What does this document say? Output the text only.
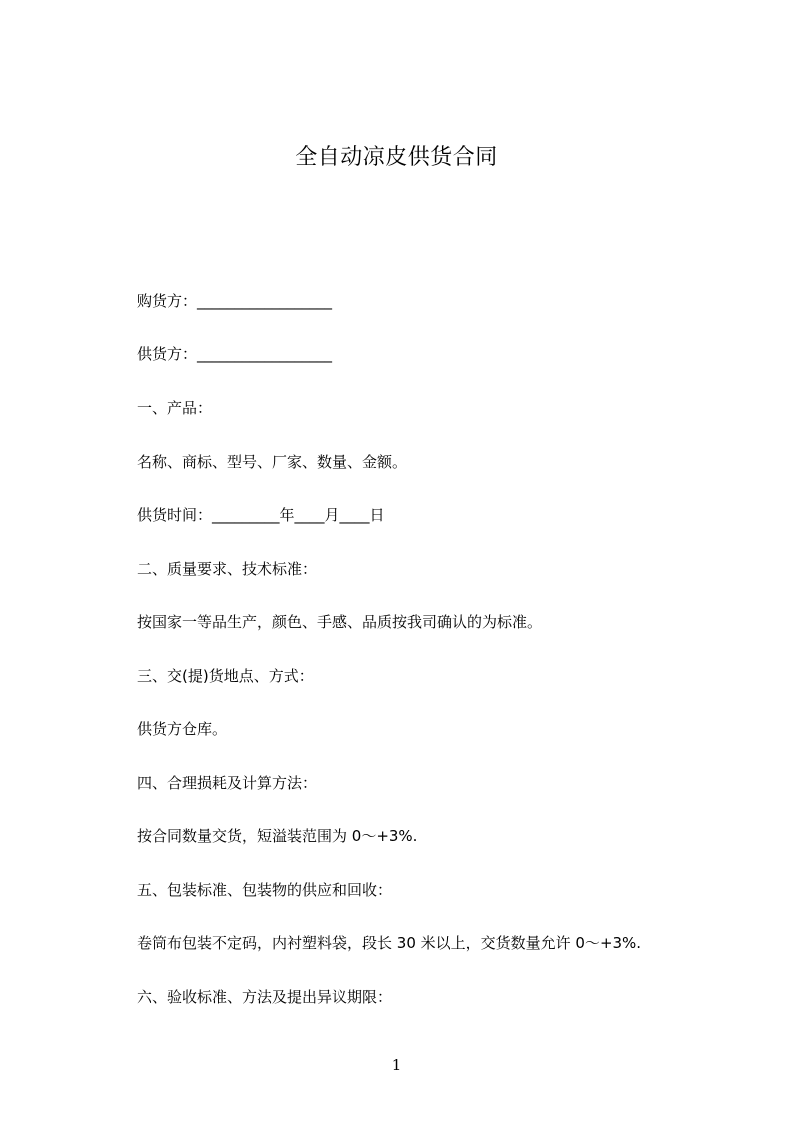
全自动凉皮供货合同
购货方：__________________
供货方：__________________
一、产品：
名称、商标、型号、厂家、数量、金额。
供货时间：_________年____月____日
二、质量要求、技术标准：
按国家一等品生产，颜色、手感、品质按我司确认的为标准。
三、交(提)货地点、方式：
供货方仓库。
四、合理损耗及计算方法：
按合同数量交货，短溢装范围为 0～+3%.
五、包装标准、包装物的供应和回收：
卷筒布包装不定码，内衬塑料袋，段长 30 米以上，交货数量允许 0～+3%.
六、验收标准、方法及提出异议期限：
1
